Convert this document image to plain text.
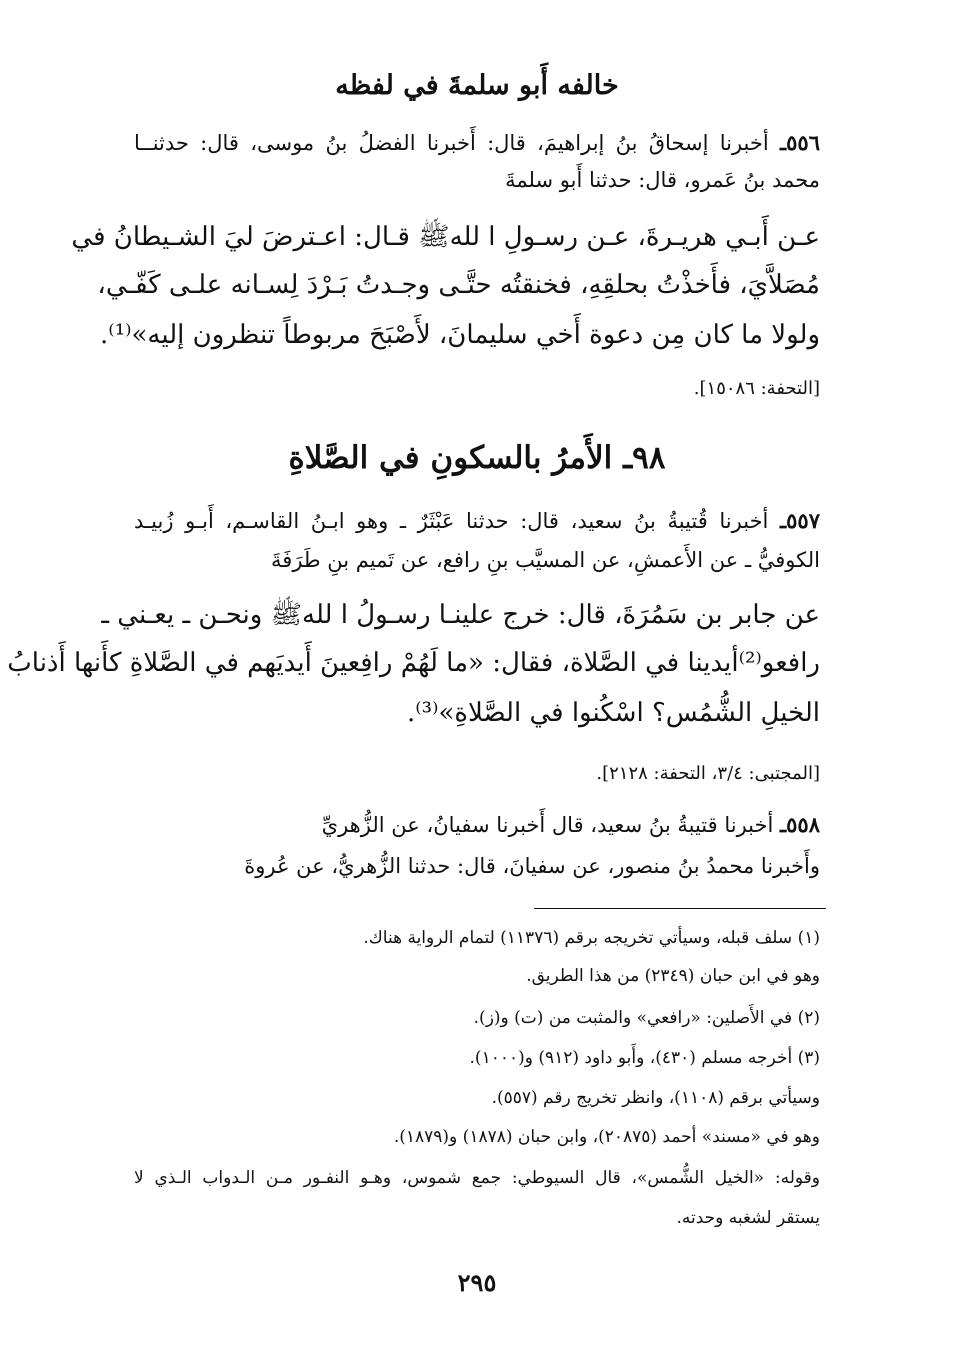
خالفه أَبو سلمةَ في لفظه
٥٥٦ـ أخبرنا إسحاقُ بنُ إبراهيمَ، قال: أَخبرنا الفضلُ بنُ موسى، قال: حدثنــا
محمد بنُ عَمرو، قال: حدثنا أَبو سلمةَ
عـن أَبـي هريـرةَ، عـن رسـولِ ا للهﷺ قـال: اعـترضَ ليَ الشـيطانُ في
مُصَلاَّيَ، فأَخذْتُ بحلقِهِ، فخنقتُه حتَّـى وجـدتُ بَـرْدَ لِسـانه علـى كَفّـي،
ولولا ما كان مِن دعوة أَخي سليمانَ، لأَصْبَحَ مربوطاً تنظرون إليه»⁽¹⁾.
[التحفة: ١٥٠٨٦].
٩٨ـ الأَمرُ بالسكونِ في الصَّلاةِ
٥٥٧ـ أخبرنا قُتيبةُ بنُ سعيد، قال: حدثنا عَبْثَرٌ ـ وهو ابـنُ القاسـم، أَبـو زُبيـد
الكوفيُّ ـ عن الأَعمشِ، عن المسيَّب بنِ رافع، عن تَميم بنِ طَرَفَةَ
عن جابر بن سَمُرَةَ، قال: خرج علينـا رسـولُ ا للهﷺ ونحـن ـ يعـني ـ
رافعو⁽²⁾أيدينا في الصَّلاة، فقال: «ما لَهُمْ رافِعينَ أَيديَهم في الصَّلاةِ كأَنها أَذنابُ
الخيلِ الشُّمُس؟ اسْكُنوا في الصَّلاةِ»⁽³⁾.
[المجتبى: ٣/٤، التحفة: ٢١٢٨].
٥٥٨ـ أخبرنا قتيبةُ بنُ سعيد، قال أَخبرنا سفيانُ، عن الزُّهريِّ
وأَخبرنا محمدُ بنُ منصور، عن سفيانَ، قال: حدثنا الزُّهريُّ، عن عُروةَ
(١) سلف قبله، وسيأتي تخريجه برقم (١١٣٧٦) لتمام الرواية هناك.
وهو في ابن حبان (٢٣٤٩) من هذا الطريق.
(٢) في الأَصلين: «رافعي» والمثبت من (ت) و(ز).
(٣) أخرجه مسلم (٤٣٠)، وأَبو داود (٩١٢) و(١٠٠٠).
وسيأتي برقم (١١٠٨)، وانظر تخريج رقم (٥٥٧).
وهو في «مسند» أحمد (٢٠٨٧٥)، وابن حبان (١٨٧٨) و(١٨٧٩).
وقوله: «الخيل الشُّمس»، قال السيوطي: جمع شموس، وهـو النفـور مـن الـدواب الـذي لا
يستقر لشغبه وحدته.
٢٩٥
